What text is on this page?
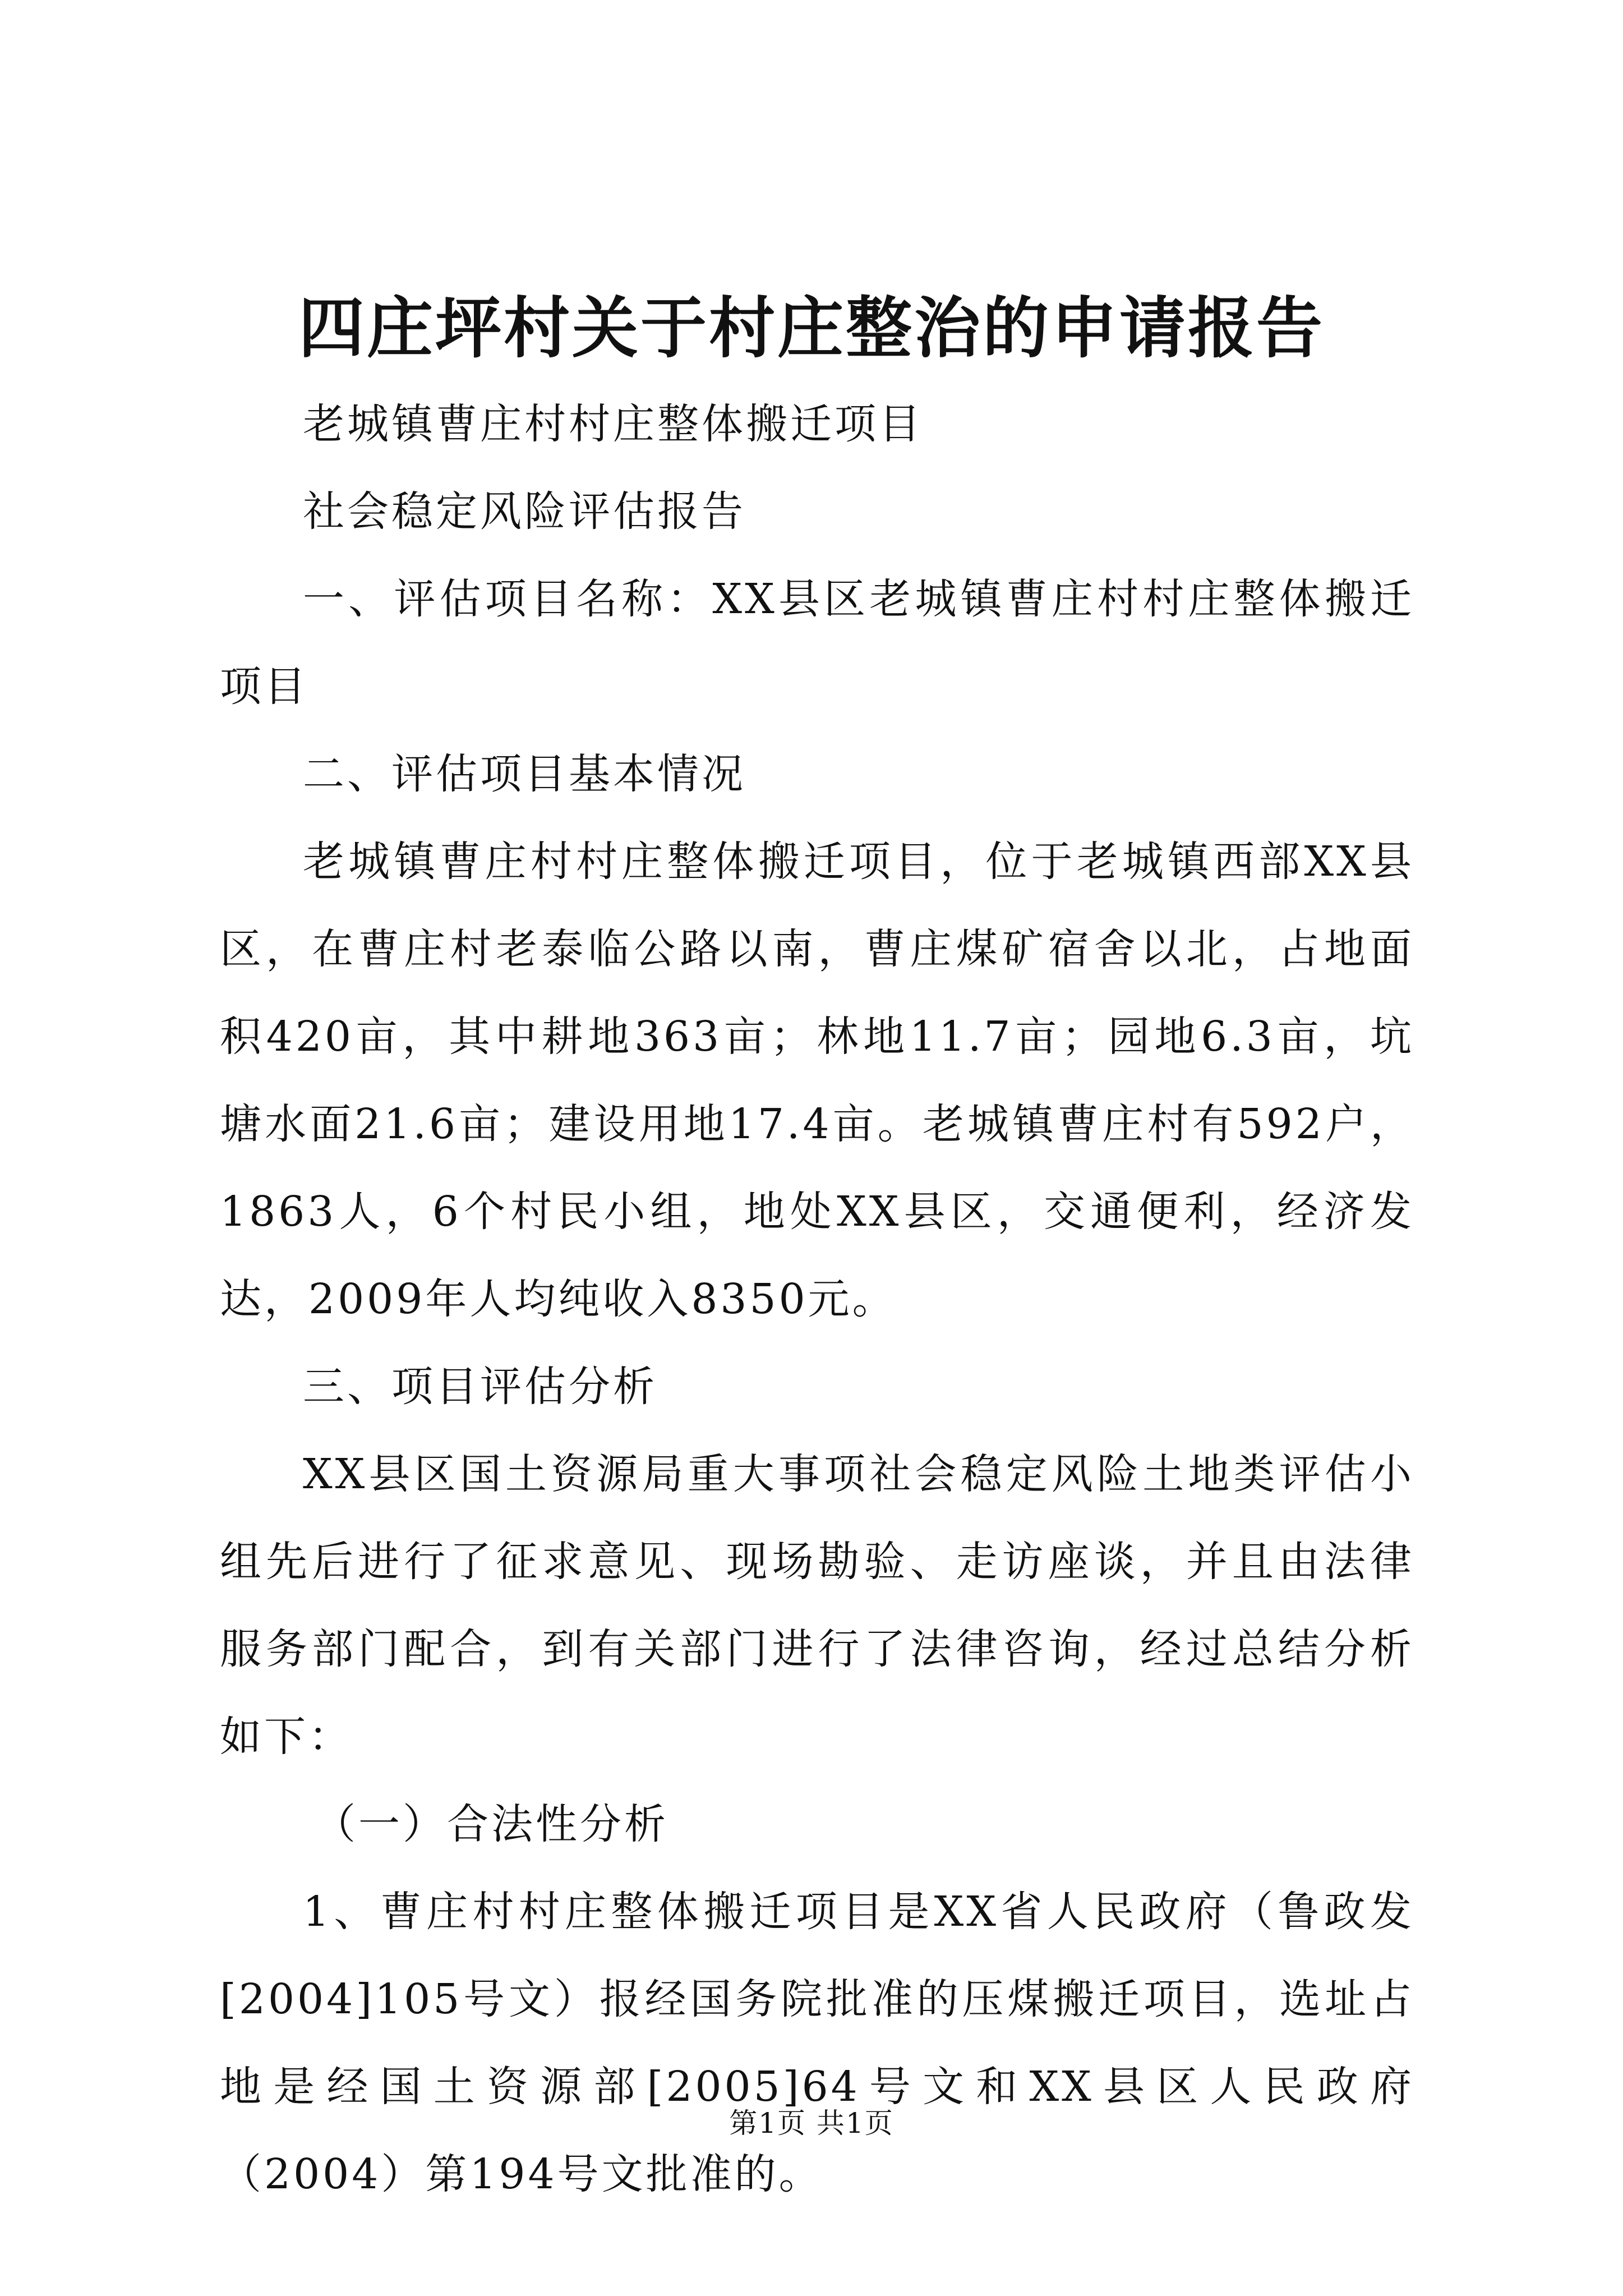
四庄坪村关于村庄整治的申请报告

老城镇曹庄村村庄整体搬迁项目

社会稳定风险评估报告

一、评估项目名称：XX县区老城镇曹庄村村庄整体搬迁项目

二、评估项目基本情况

老城镇曹庄村村庄整体搬迁项目，位于老城镇西部XX县区，在曹庄村老泰临公路以南，曹庄煤矿宿舍以北，占地面积420亩，其中耕地363亩；林地11.7亩；园地6.3亩，坑塘水面21.6亩；建设用地17.4亩。老城镇曹庄村有592户，1863人，6个村民小组，地处XX县区，交通便利，经济发达，2009年人均纯收入8350元。

三、项目评估分析

XX县区国土资源局重大事项社会稳定风险土地类评估小组先后进行了征求意见、现场勘验、走访座谈，并且由法律服务部门配合，到有关部门进行了法律咨询，经过总结分析如下：

（一）合法性分析

1、曹庄村村庄整体搬迁项目是XX省人民政府（鲁政发[2004]105号文）报经国务院批准的压煤搬迁项目，选址占地是经国土资源部[2005]64号文和XX县区人民政府（2004）第194号文批准的。

第1页 共1页
